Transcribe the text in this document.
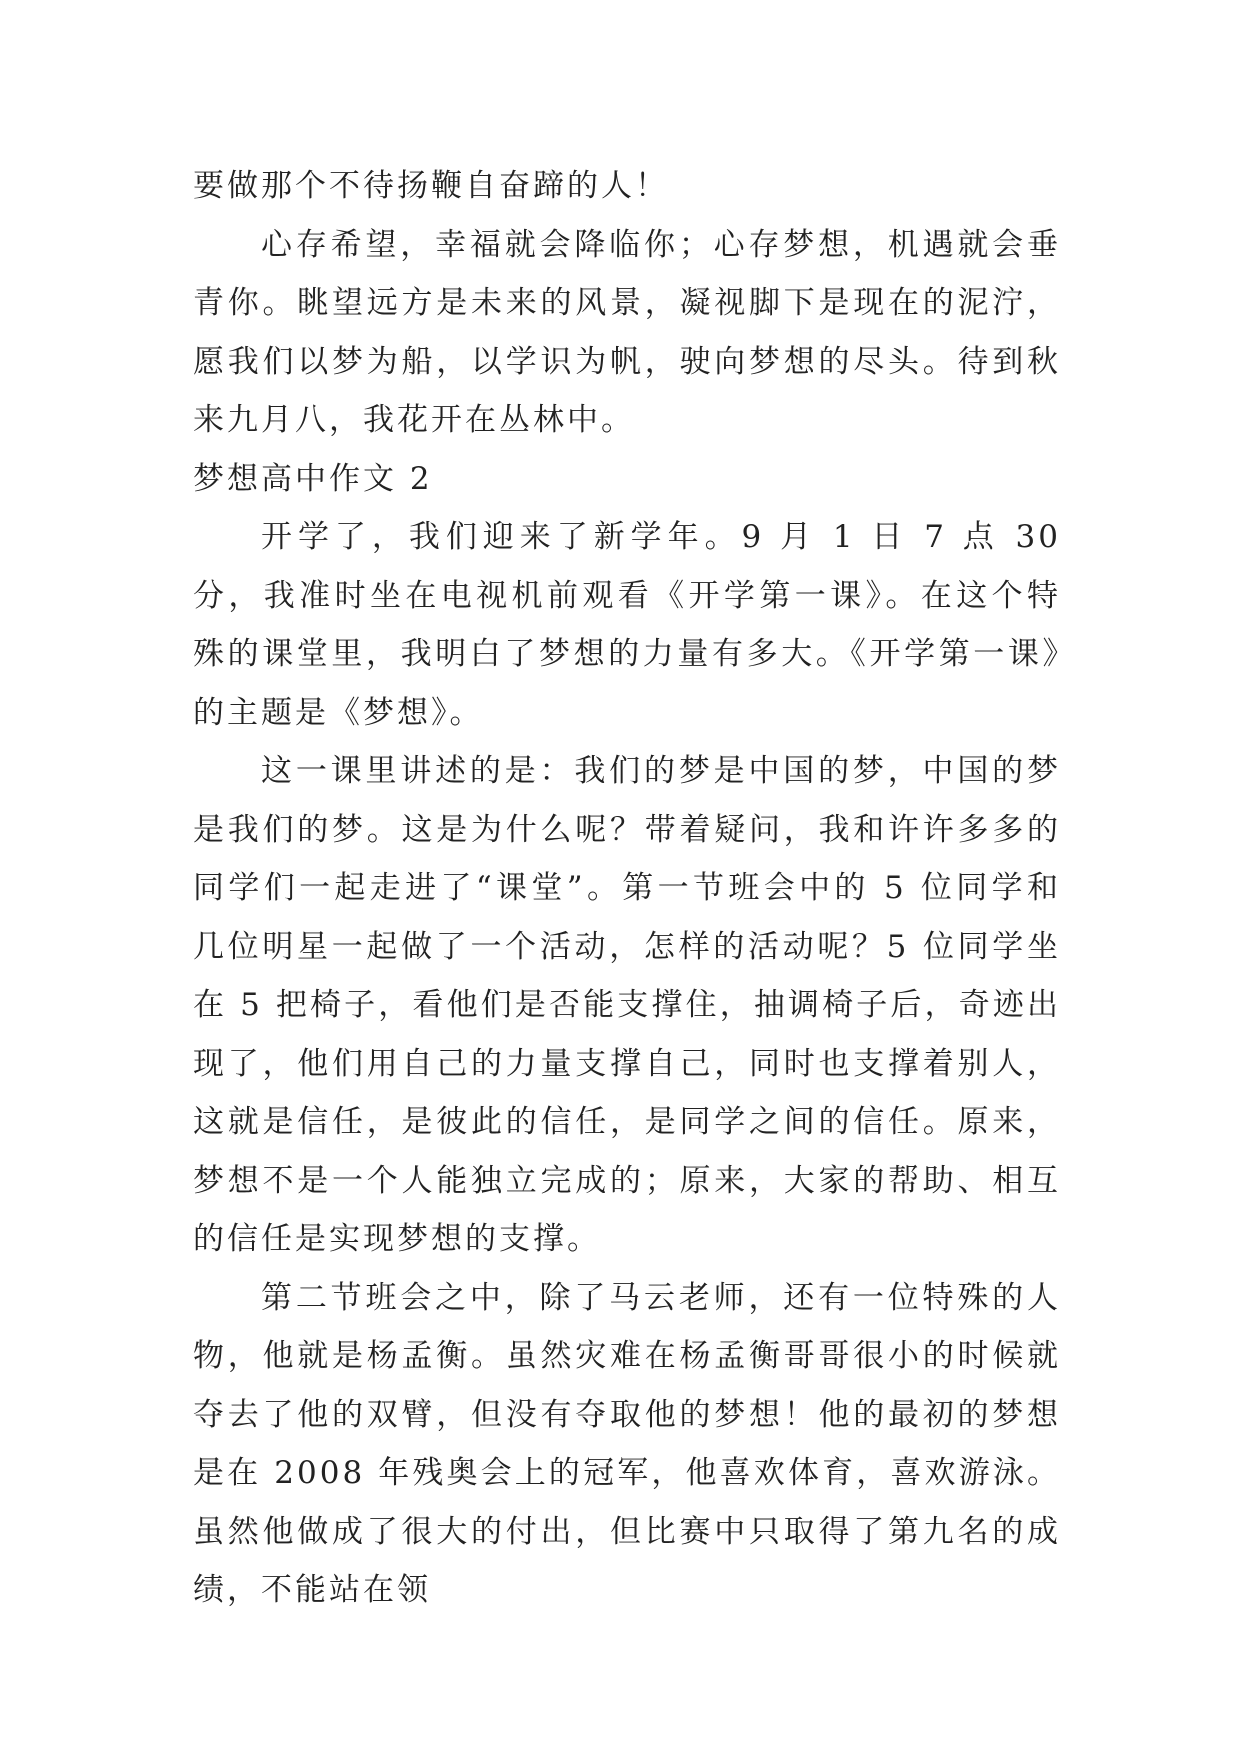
要做那个不待扬鞭自奋蹄的人！

心存希望，幸福就会降临你；心存梦想，机遇就会垂青你。眺望远方是未来的风景，凝视脚下是现在的泥泞，愿我们以梦为船，以学识为帆，驶向梦想的尽头。待到秋来九月八，我花开在丛林中。

梦想高中作文 2

开学了，我们迎来了新学年。9 月 1 日 7 点 30 分，我准时坐在电视机前观看《开学第一课》。在这个特殊的课堂里，我明白了梦想的力量有多大。《开学第一课》的主题是《梦想》。

这一课里讲述的是：我们的梦是中国的梦，中国的梦是我们的梦。这是为什么呢？带着疑问，我和许许多多的同学们一起走进了“课堂”。第一节班会中的 5 位同学和几位明星一起做了一个活动，怎样的活动呢？5 位同学坐在 5 把椅子，看他们是否能支撑住，抽调椅子后，奇迹出现了，他们用自己的力量支撑自己，同时也支撑着别人，这就是信任，是彼此的信任，是同学之间的信任。原来，梦想不是一个人能独立完成的；原来，大家的帮助、相互的信任是实现梦想的支撑。

第二节班会之中，除了马云老师，还有一位特殊的人物，他就是杨孟衡。虽然灾难在杨孟衡哥哥很小的时候就夺去了他的双臂，但没有夺取他的梦想！他的最初的梦想是在 2008 年残奥会上的冠军，他喜欢体育，喜欢游泳。虽然他做成了很大的付出，但比赛中只取得了第九名的成绩，不能站在领
